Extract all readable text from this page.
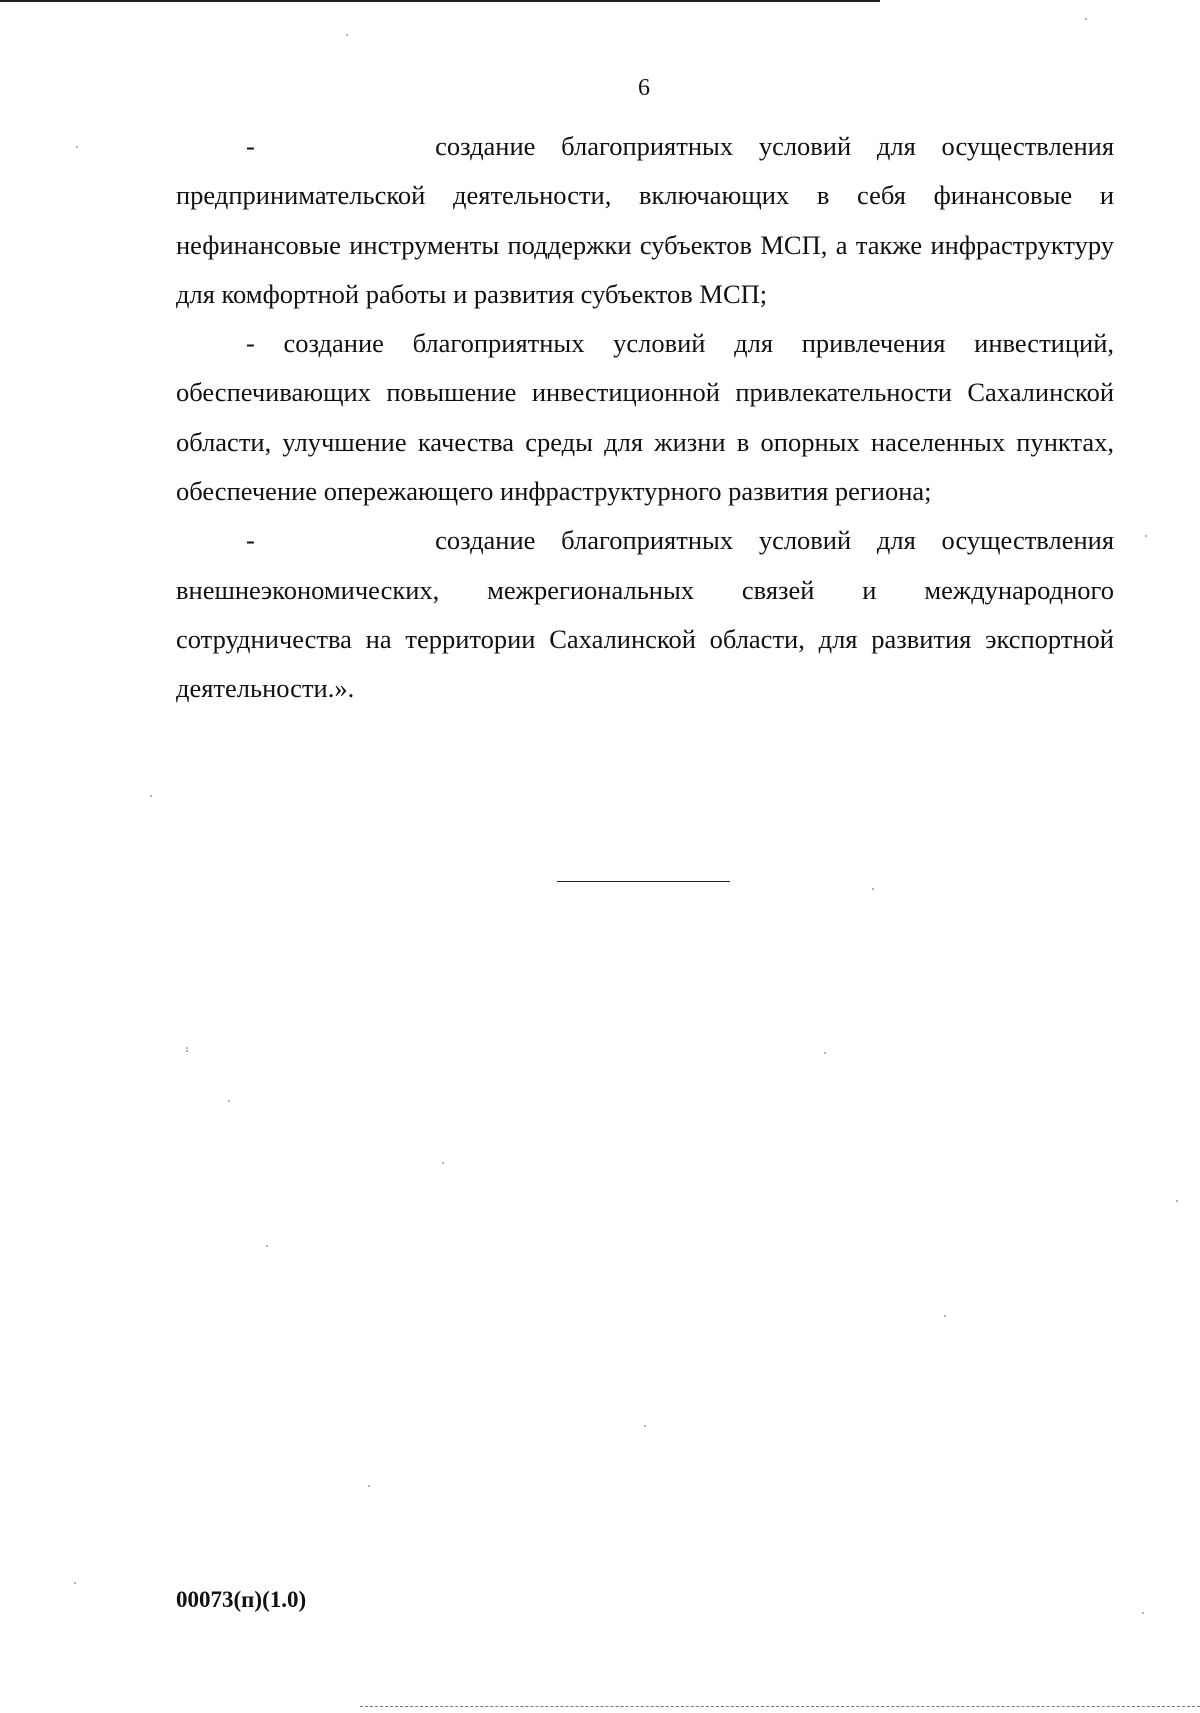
6

-	создание благоприятных условий для осуществления предпринимательской деятельности, включающих в себя финансовые и нефинансовые инструменты поддержки субъектов МСП, а также инфраструктуру для комфортной работы и развития субъектов МСП;

- создание благоприятных условий для привлечения инвестиций, обеспечивающих повышение инвестиционной привлекательности Сахалинской области, улучшение качества среды для жизни в опорных населенных пунктах, обеспечение опережающего инфраструктурного развития региона;

-	создание благоприятных условий для осуществления внешнеэкономических, межрегиональных связей и международного сотрудничества на территории Сахалинской области, для развития экспортной деятельности.».

00073(п)(1.0)
